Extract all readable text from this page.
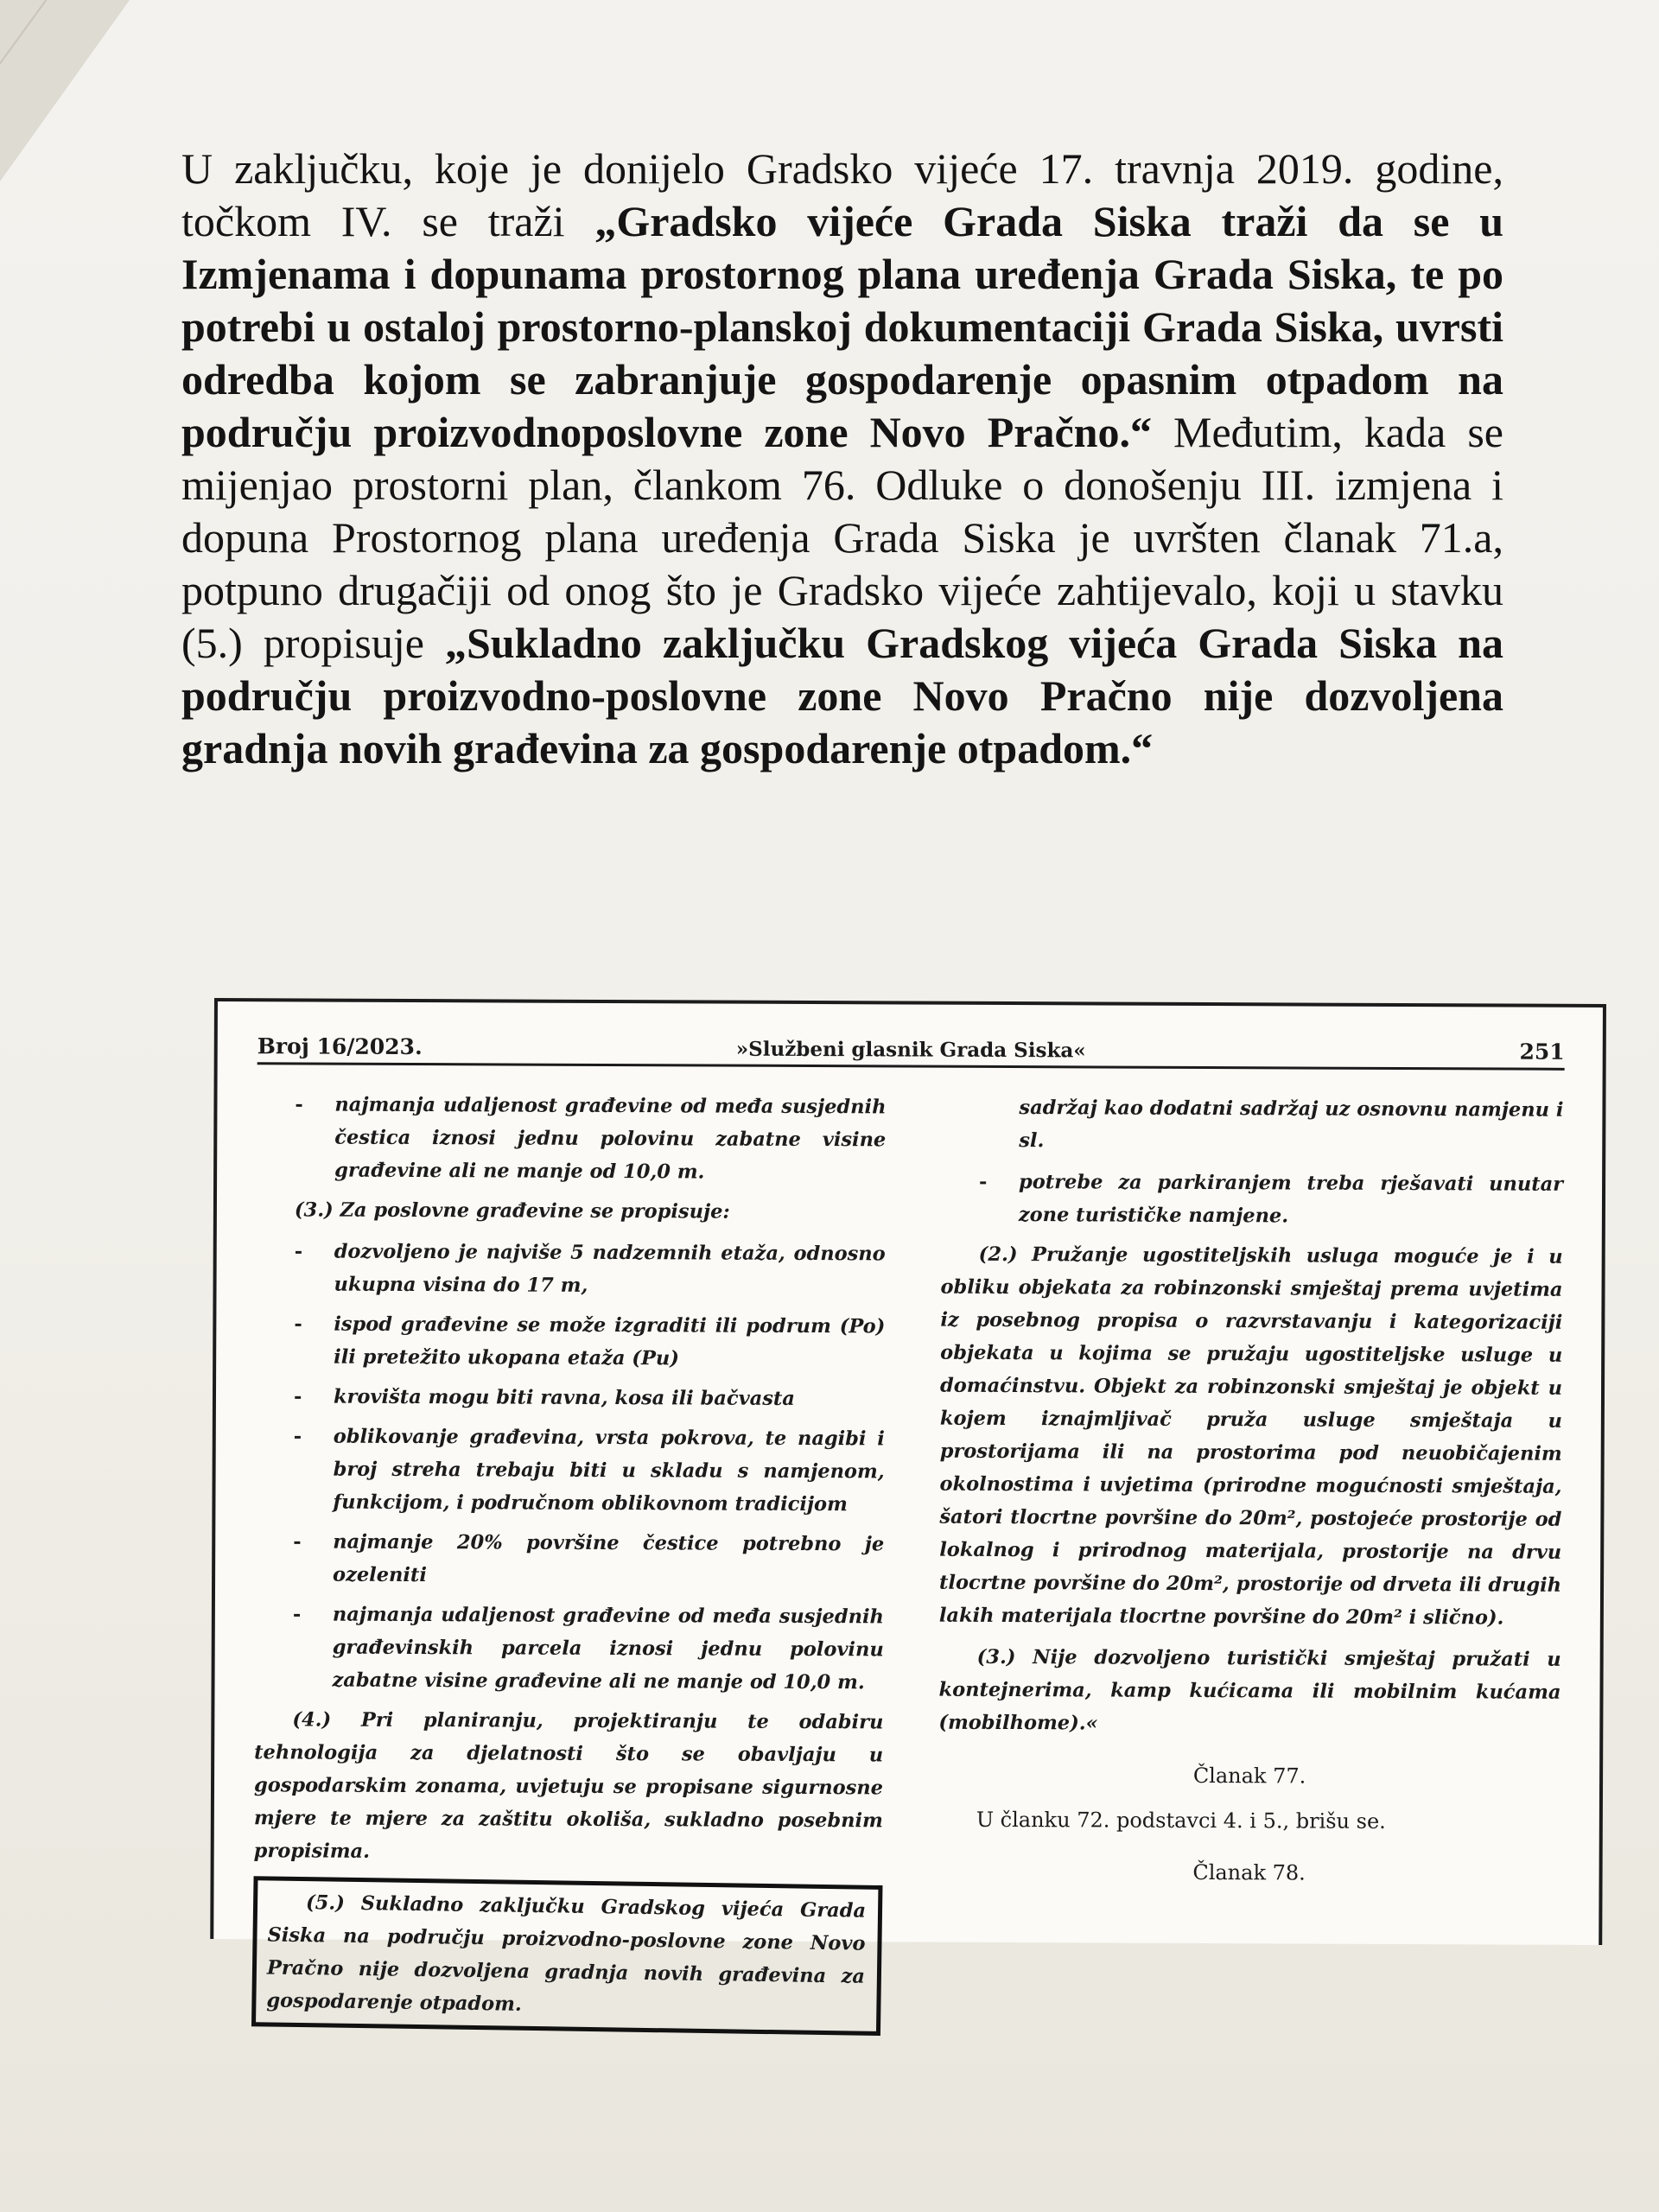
U zaključku, koje je donijelo Gradsko vijeće 17. travnja 2019. godine, točkom IV. se traži „Gradsko vijeće Grada Siska traži da se u Izmjenama i dopunama prostornog plana uređenja Grada Siska, te po potrebi u ostaloj prostorno-planskoj dokumentaciji Grada Siska, uvrsti odredba kojom se zabranjuje gospodarenje opasnim otpadom na području proizvodnoposlovne zone Novo Pračno.“ Međutim, kada se mijenjao prostorni plan, člankom 76. Odluke o donošenju III. izmjena i dopuna Prostornog plana uređenja Grada Siska je uvršten članak 71.a, potpuno drugačiji od onog što je Gradsko vijeće zahtijevalo, koji u stavku (5.) propisuje „Sukladno zaključku Gradskog vijeća Grada Siska na području proizvodno-poslovne zone Novo Pračno nije dozvoljena gradnja novih građevina za gospodarenje otpadom.“
Broj 16/2023.	»Službeni glasnik Grada Siska«	251
- najmanja udaljenost građevine od međa susjednih čestica iznosi jednu polovinu zabatne visine građevine ali ne manje od 10,0 m.

(3.) Za poslovne građevine se propisuje:

- dozvoljeno je najviše 5 nadzemnih etaža, odnosno ukupna visina do 17 m,
- ispod građevine se može izgraditi ili podrum (Po) ili pretežito ukopana etaža (Pu)
- krovišta mogu biti ravna, kosa ili bačvasta
- oblikovanje građevina, vrsta pokrova, te nagibi i broj streha trebaju biti u skladu s namjenom, funkcijom, i područnom oblikovnom tradicijom
- najmanje 20% površine čestice potrebno je ozeleniti
- najmanja udaljenost građevine od međa susjednih građevinskih parcela iznosi jednu polovinu zabatne visine građevine ali ne manje od 10,0 m.

(4.) Pri planiranju, projektiranju te odabiru tehnologija za djelatnosti što se obavljaju u gospodarskim zonama, uvjetuju se propisane sigurnosne mjere te mjere za zaštitu okoliša, sukladno posebnim propisima.

(5.) Sukladno zaključku Gradskog vijeća Grada Siska na području proizvodno-poslovne zone Novo Pračno nije dozvoljena gradnja novih građevina za gospodarenje otpadom.

sadržaj kao dodatni sadržaj uz osnovnu namjenu i sl.

- potrebe za parkiranjem treba rješavati unutar zone turističke namjene.

(2.) Pružanje ugostiteljskih usluga moguće je i u obliku objekata za robinzonski smještaj prema uvjetima iz posebnog propisa o razvrstavanju i kategorizaciji objekata u kojima se pružaju ugostiteljske usluge u domaćinstvu. Objekt za robinzonski smještaj je objekt u kojem iznajmljivač pruža usluge smještaja u prostorijama ili na prostorima pod neuobičajenim okolnostima i uvjetima (prirodne mogućnosti smještaja, šatori tlocrtne površine do 20m², postojeće prostorije od lokalnog i prirodnog materijala, prostorije na drvu tlocrtne površine do 20m², prostorije od drveta ili drugih lakih materijala tlocrtne površine do 20m² i slično).

(3.) Nije dozvoljeno turistički smještaj pružati u kontejnerima, kamp kućicama ili mobilnim kućama (mobilhome).«

Članak 77.

U članku 72. podstavci 4. i 5., brišu se.

Članak 78.
